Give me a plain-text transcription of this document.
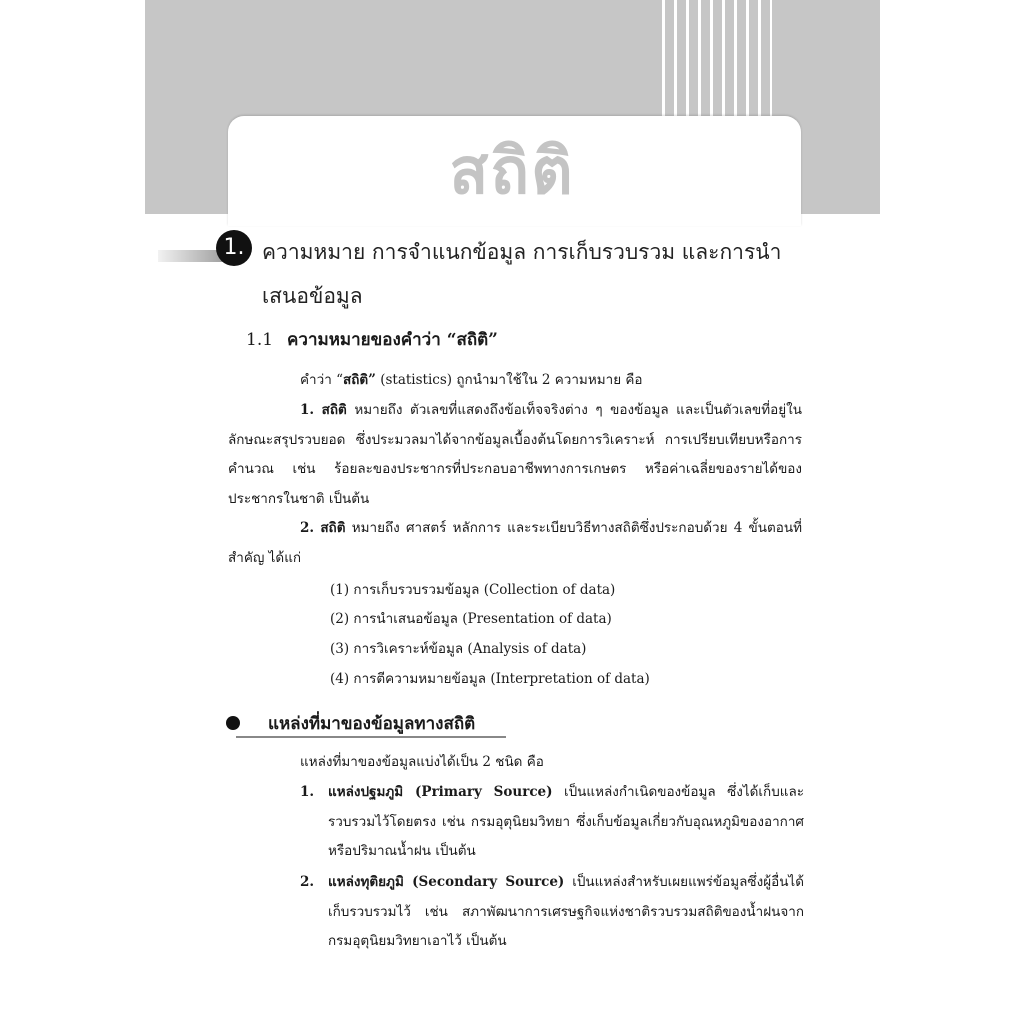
สถิติ
1. ความหมาย การจำแนกข้อมูล การเก็บรวบรวม และการนำเสนอข้อมูล
1.1 ความหมายของคำว่า “สถิติ”
คำว่า “สถิติ” (statistics) ถูกนำมาใช้ใน 2 ความหมาย คือ
1. สถิติ หมายถึง ตัวเลขที่แสดงถึงข้อเท็จจริงต่าง ๆ ของข้อมูล และเป็นตัวเลขที่อยู่ในลักษณะสรุปรวบยอด ซึ่งประมวลมาได้จากข้อมูลเบื้องต้นโดยการวิเคราะห์ การเปรียบเทียบหรือการคำนวณ เช่น ร้อยละของประชากรที่ประกอบอาชีพทางการเกษตร หรือค่าเฉลี่ยของรายได้ของประชากรในชาติ เป็นต้น
2. สถิติ หมายถึง ศาสตร์ หลักการ และระเบียบวิธีทางสถิติซึ่งประกอบด้วย 4 ขั้นตอนที่สำคัญ ได้แก่
(1) การเก็บรวบรวมข้อมูล (Collection of data)
(2) การนำเสนอข้อมูล (Presentation of data)
(3) การวิเคราะห์ข้อมูล (Analysis of data)
(4) การตีความหมายข้อมูล (Interpretation of data)
แหล่งที่มาของข้อมูลทางสถิติ
แหล่งที่มาของข้อมูลแบ่งได้เป็น 2 ชนิด คือ
1. แหล่งปฐมภูมิ (Primary Source) เป็นแหล่งกำเนิดของข้อมูล ซึ่งได้เก็บและรวบรวมไว้โดยตรง เช่น กรมอุตุนิยมวิทยา ซึ่งเก็บข้อมูลเกี่ยวกับอุณหภูมิของอากาศหรือปริมาณน้ำฝน เป็นต้น
2. แหล่งทุติยภูมิ (Secondary Source) เป็นแหล่งสำหรับเผยแพร่ข้อมูลซึ่งผู้อื่นได้เก็บรวบรวมไว้ เช่น สภาพัฒนาการเศรษฐกิจแห่งชาติรวบรวมสถิติของน้ำฝนจากกรมอุตุนิยมวิทยาเอาไว้ เป็นต้น
